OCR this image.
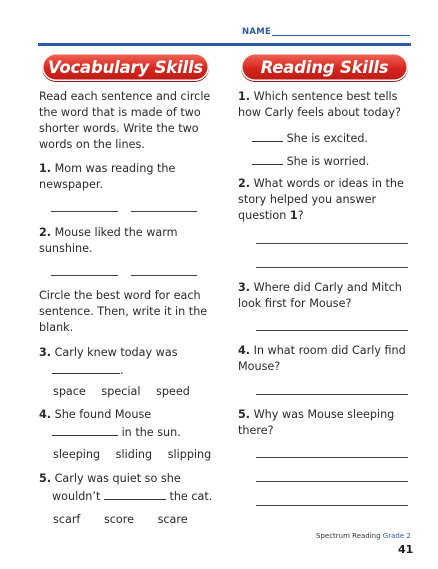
NAME
Vocabulary Skills
Read each sentence and circle the word that is made of two shorter words. Write the two words on the lines.
1. Mom was reading the newspaper.
2. Mouse liked the warm sunshine.
Circle the best word for each sentence. Then, write it in the blank.
3. Carly knew today was
.
space special speed
4. She found Mouse
in the sun.
sleeping sliding slipping
5. Carly was quiet so she
wouldn’t	the cat.
scarf score scare
Reading Skills
1. Which sentence best tells how Carly feels about today?
She is excited.
She is worried.
2. What words or ideas in the story helped you answer question 1?
3. Where did Carly and Mitch look first for Mouse?
4. In what room did Carly find Mouse?
5. Why was Mouse sleeping there?
Spectrum Reading Grade 2
41
